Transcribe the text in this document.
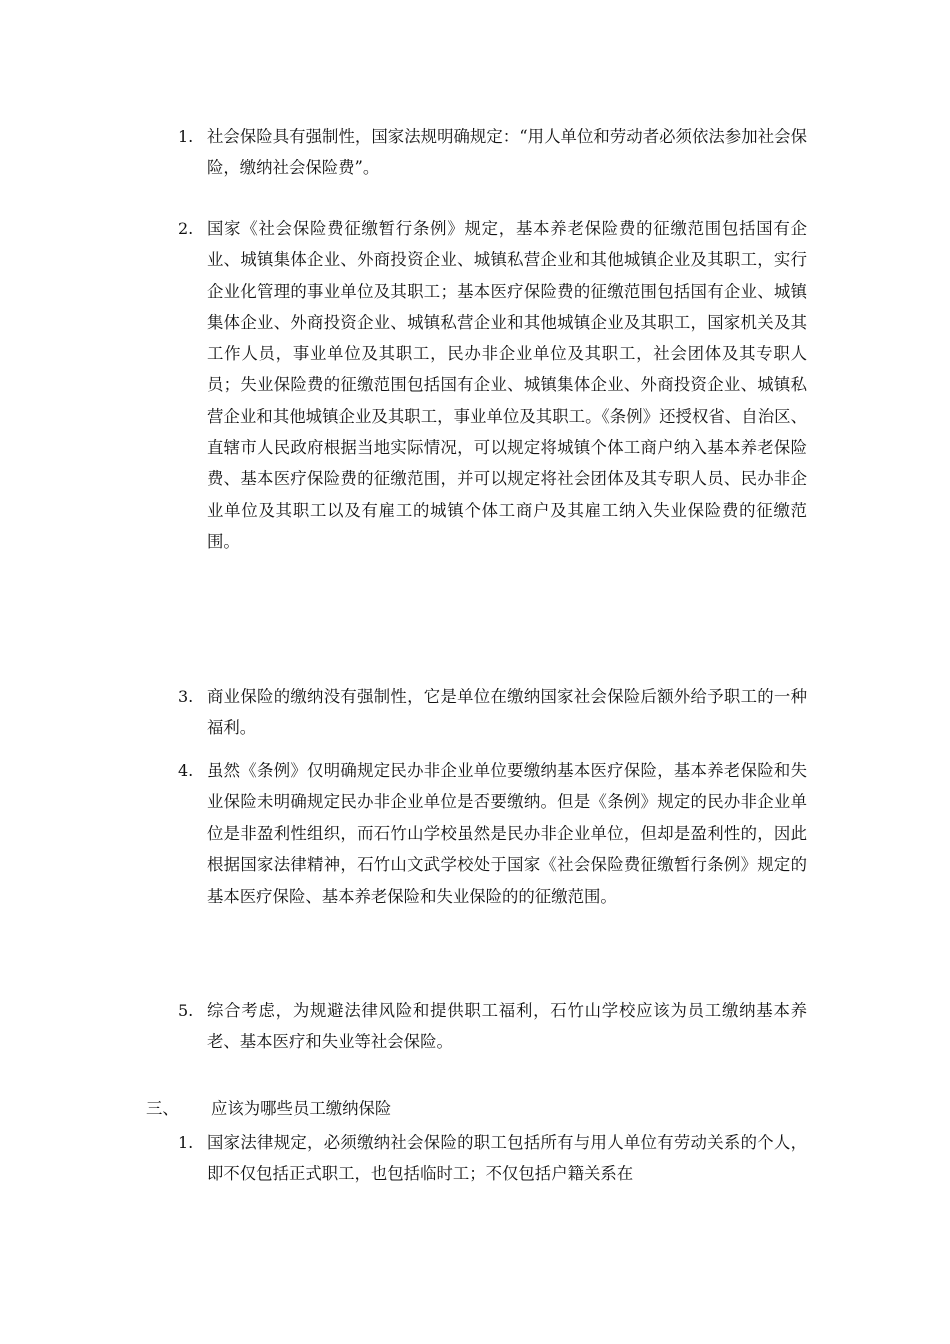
1. 社会保险具有强制性，国家法规明确规定：“用人单位和劳动者必须依法参加社会保险，缴纳社会保险费”。
2. 国家《社会保险费征缴暂行条例》规定，基本养老保险费的征缴范围包括国有企业、城镇集体企业、外商投资企业、城镇私营企业和其他城镇企业及其职工，实行企业化管理的事业单位及其职工；基本医疗保险费的征缴范围包括国有企业、城镇集体企业、外商投资企业、城镇私营企业和其他城镇企业及其职工，国家机关及其工作人员，事业单位及其职工，民办非企业单位及其职工，社会团体及其专职人员；失业保险费的征缴范围包括国有企业、城镇集体企业、外商投资企业、城镇私营企业和其他城镇企业及其职工，事业单位及其职工。《条例》还授权省、自治区、直辖市人民政府根据当地实际情况，可以规定将城镇个体工商户纳入基本养老保险费、基本医疗保险费的征缴范围，并可以规定将社会团体及其专职人员、民办非企业单位及其职工以及有雇工的城镇个体工商户及其雇工纳入失业保险费的征缴范围。
3. 商业保险的缴纳没有强制性，它是单位在缴纳国家社会保险后额外给予职工的一种福利。
4. 虽然《条例》仅明确规定民办非企业单位要缴纳基本医疗保险，基本养老保险和失业保险未明确规定民办非企业单位是否要缴纳。但是《条例》规定的民办非企业单位是非盈利性组织，而石竹山学校虽然是民办非企业单位，但却是盈利性的，因此根据国家法律精神，石竹山文武学校处于国家《社会保险费征缴暂行条例》规定的基本医疗保险、基本养老保险和失业保险的的征缴范围。
5. 综合考虑，为规避法律风险和提供职工福利，石竹山学校应该为员工缴纳基本养老、基本医疗和失业等社会保险。
三、 应该为哪些员工缴纳保险
1. 国家法律规定，必须缴纳社会保险的职工包括所有与用人单位有劳动关系的个人，即不仅包括正式职工，也包括临时工；不仅包括户籍关系在
